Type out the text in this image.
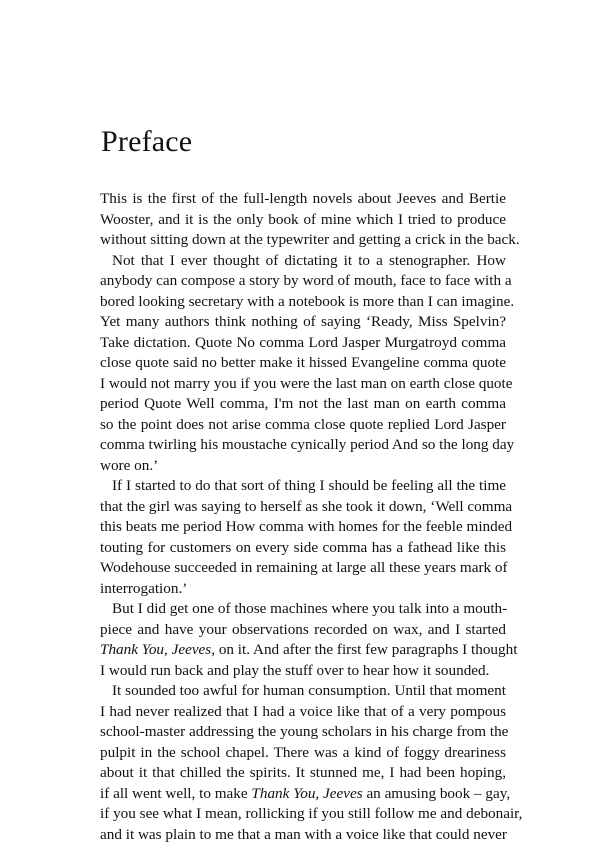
Preface
This is the first of the full-length novels about Jeeves and Bertie
Wooster, and it is the only book of mine which I tried to produce
without sitting down at the typewriter and getting a crick in the back.
Not that I ever thought of dictating it to a stenographer. How
anybody can compose a story by word of mouth, face to face with a
bored looking secretary with a notebook is more than I can imagine.
Yet many authors think nothing of saying ‘Ready, Miss Spelvin?
Take dictation. Quote No comma Lord Jasper Murgatroyd comma
close quote said no better make it hissed Evangeline comma quote
I would not marry you if you were the last man on earth close quote
period Quote Well comma, I'm not the last man on earth comma
so the point does not arise comma close quote replied Lord Jasper
comma twirling his moustache cynically period And so the long day
wore on.’
If I started to do that sort of thing I should be feeling all the time
that the girl was saying to herself as she took it down, ‘Well comma
this beats me period How comma with homes for the feeble minded
touting for customers on every side comma has a fathead like this
Wodehouse succeeded in remaining at large all these years mark of
interrogation.’
But I did get one of those machines where you talk into a mouth-
piece and have your observations recorded on wax, and I started
Thank You, Jeeves, on it. And after the first few paragraphs I thought
I would run back and play the stuff over to hear how it sounded.
It sounded too awful for human consumption. Until that moment
I had never realized that I had a voice like that of a very pompous
school-master addressing the young scholars in his charge from the
pulpit in the school chapel. There was a kind of foggy dreariness
about it that chilled the spirits. It stunned me, I had been hoping,
if all went well, to make Thank You, Jeeves an amusing book – gay,
if you see what I mean, rollicking if you still follow me and debonair,
and it was plain to me that a man with a voice like that could never
